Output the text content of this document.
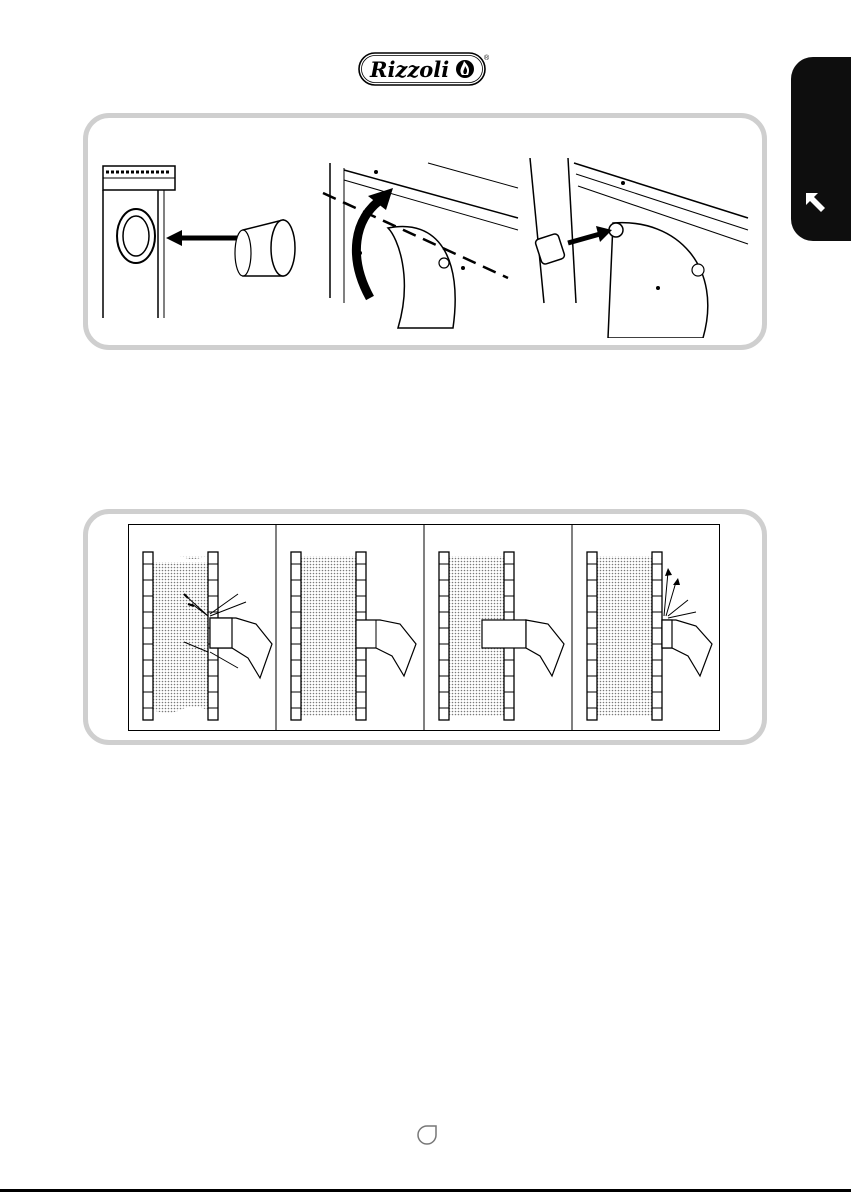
Rizzoli	®
